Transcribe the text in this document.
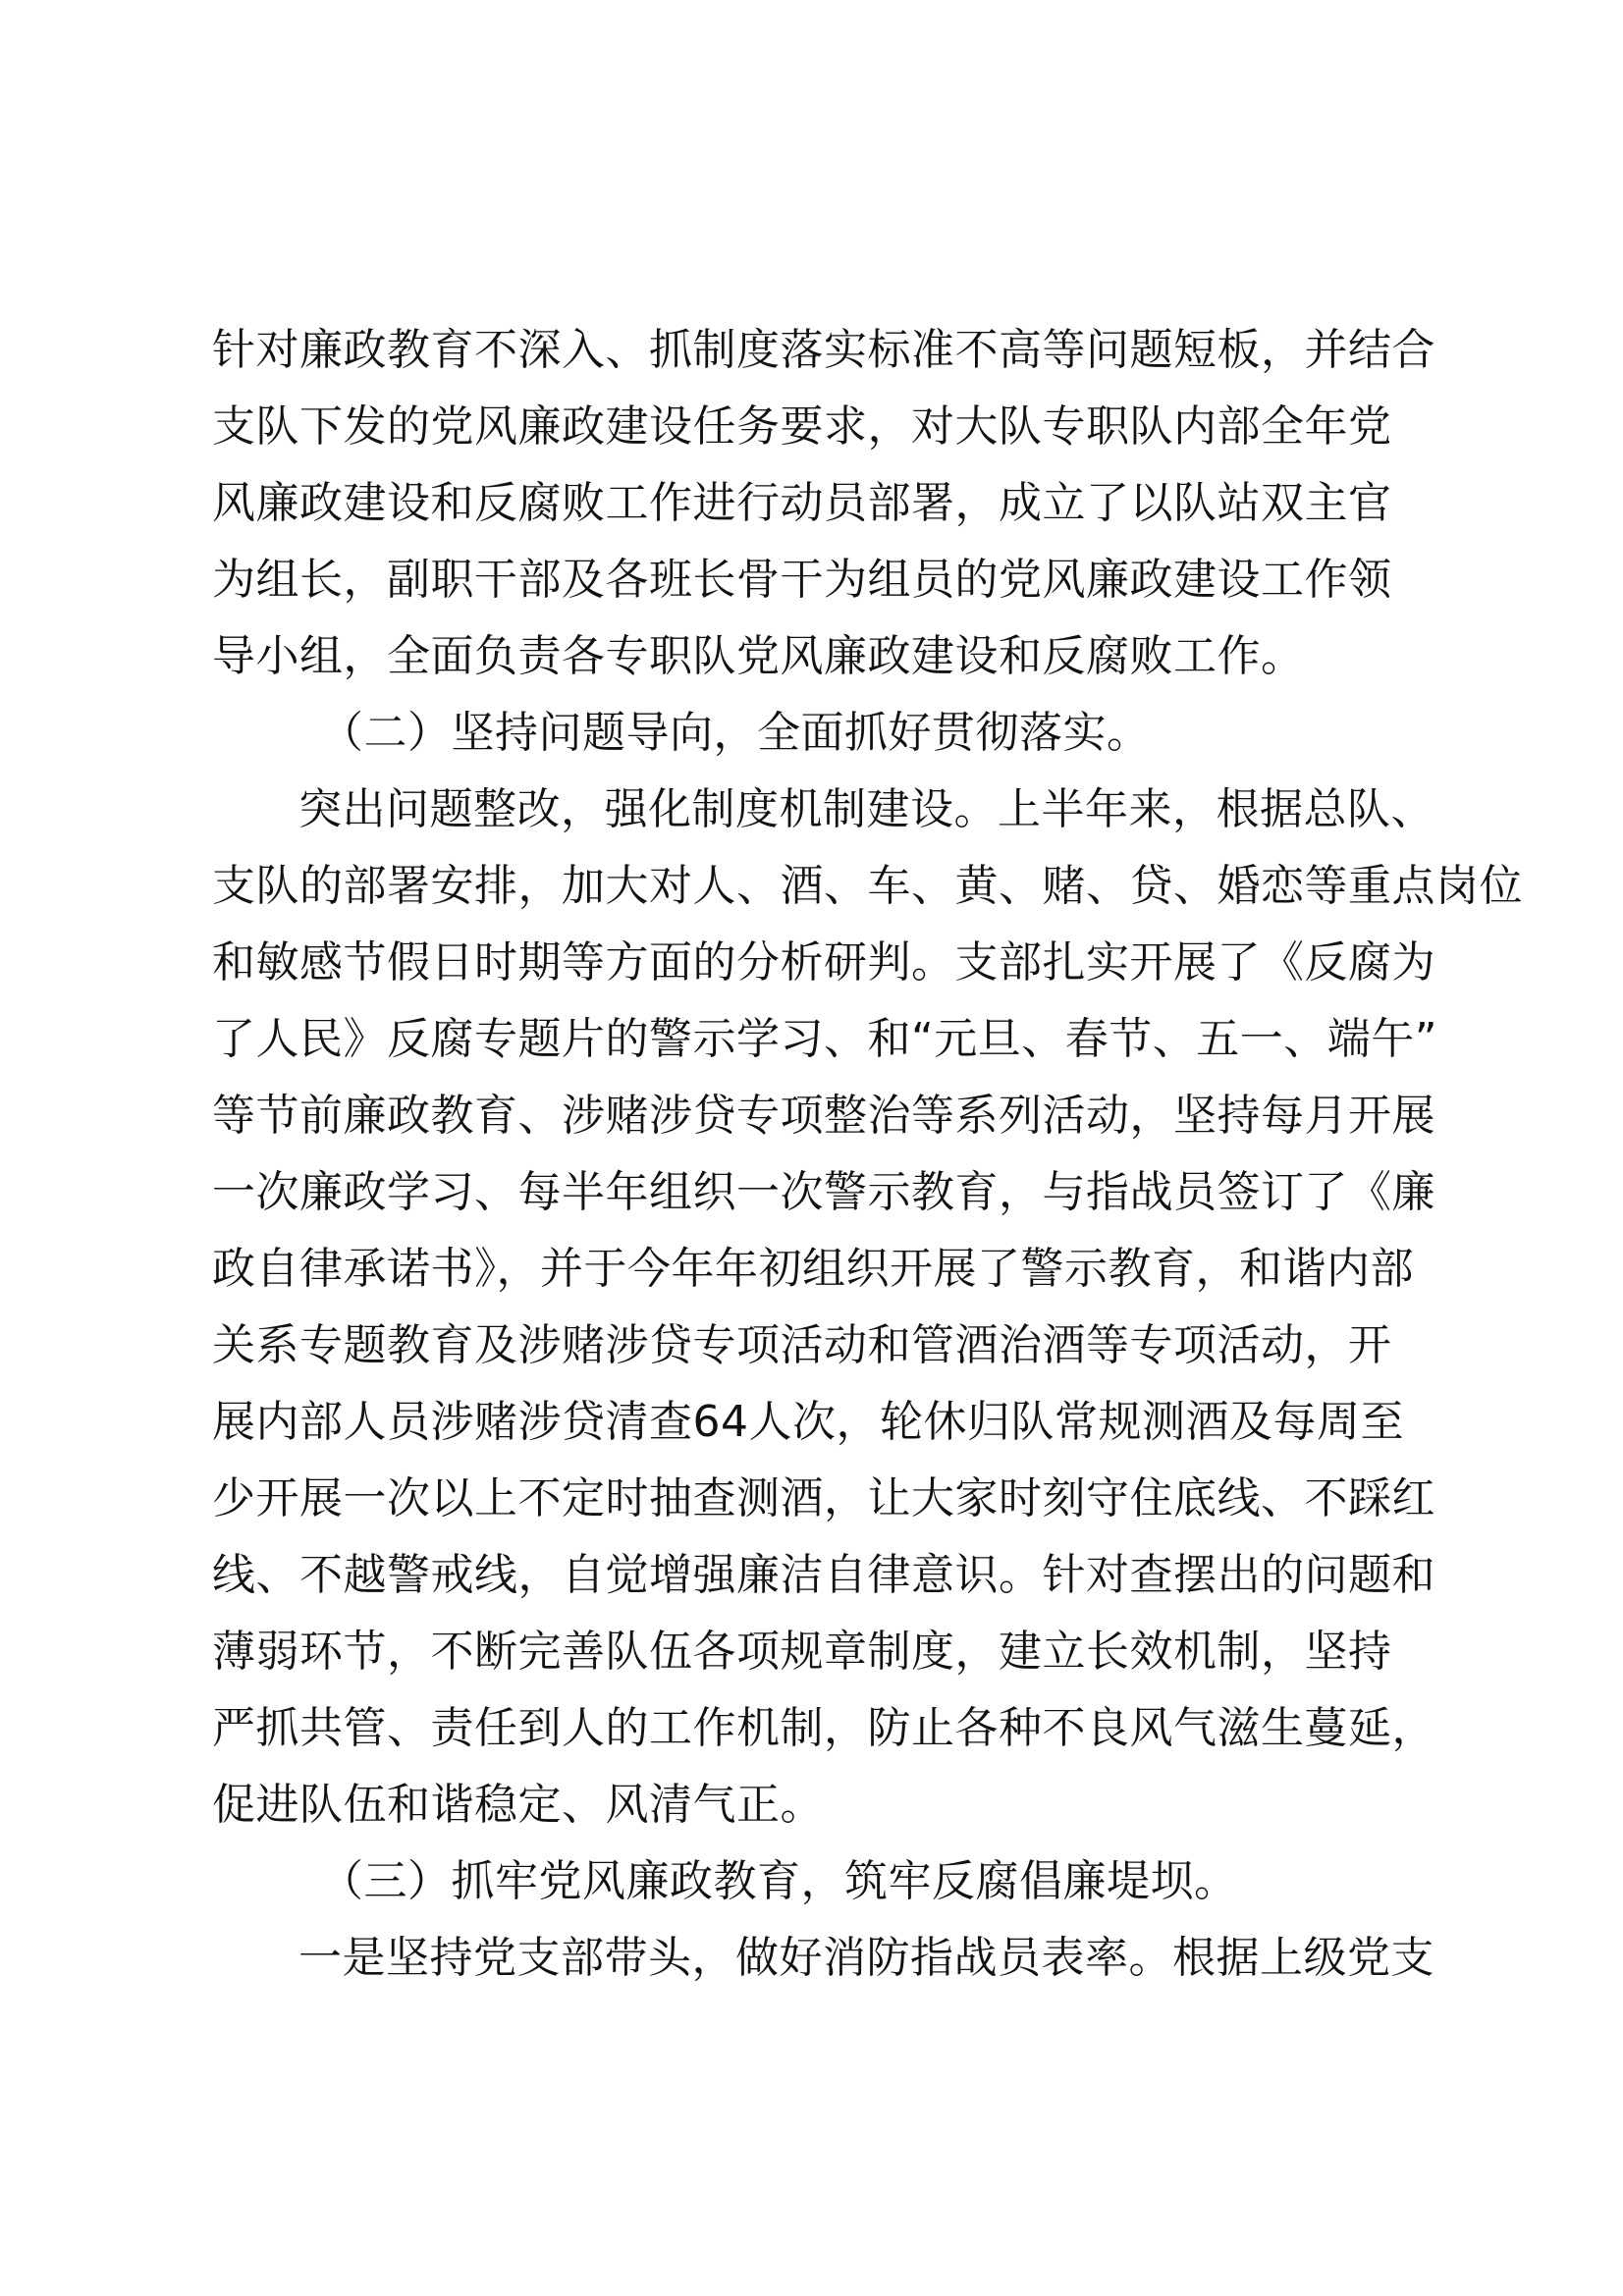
针对廉政教育不深入、抓制度落实标准不高等问题短板，并结合
支队下发的党风廉政建设任务要求，对大队专职队内部全年党
风廉政建设和反腐败工作进行动员部署，成立了以队站双主官
为组长，副职干部及各班长骨干为组员的党风廉政建设工作领
导小组，全面负责各专职队党风廉政建设和反腐败工作。
（二）坚持问题导向，全面抓好贯彻落实。
突出问题整改，强化制度机制建设。上半年来，根据总队、
支队的部署安排，加大对人、酒、车、黄、赌、贷、婚恋等重点岗位
和敏感节假日时期等方面的分析研判。支部扎实开展了《反腐为
了人民》反腐专题片的警示学习、和“元旦、春节、五一、端午”
等节前廉政教育、涉赌涉贷专项整治等系列活动，坚持每月开展
一次廉政学习、每半年组织一次警示教育，与指战员签订了《廉
政自律承诺书》，并于今年年初组织开展了警示教育，和谐内部
关系专题教育及涉赌涉贷专项活动和管酒治酒等专项活动，开
展内部人员涉赌涉贷清查64人次，轮休归队常规测酒及每周至
少开展一次以上不定时抽查测酒，让大家时刻守住底线、不踩红
线、不越警戒线，自觉增强廉洁自律意识。针对查摆出的问题和
薄弱环节，不断完善队伍各项规章制度，建立长效机制，坚持
严抓共管、责任到人的工作机制，防止各种不良风气滋生蔓延，
促进队伍和谐稳定、风清气正。
（三）抓牢党风廉政教育，筑牢反腐倡廉堤坝。
一是坚持党支部带头，做好消防指战员表率。根据上级党支
